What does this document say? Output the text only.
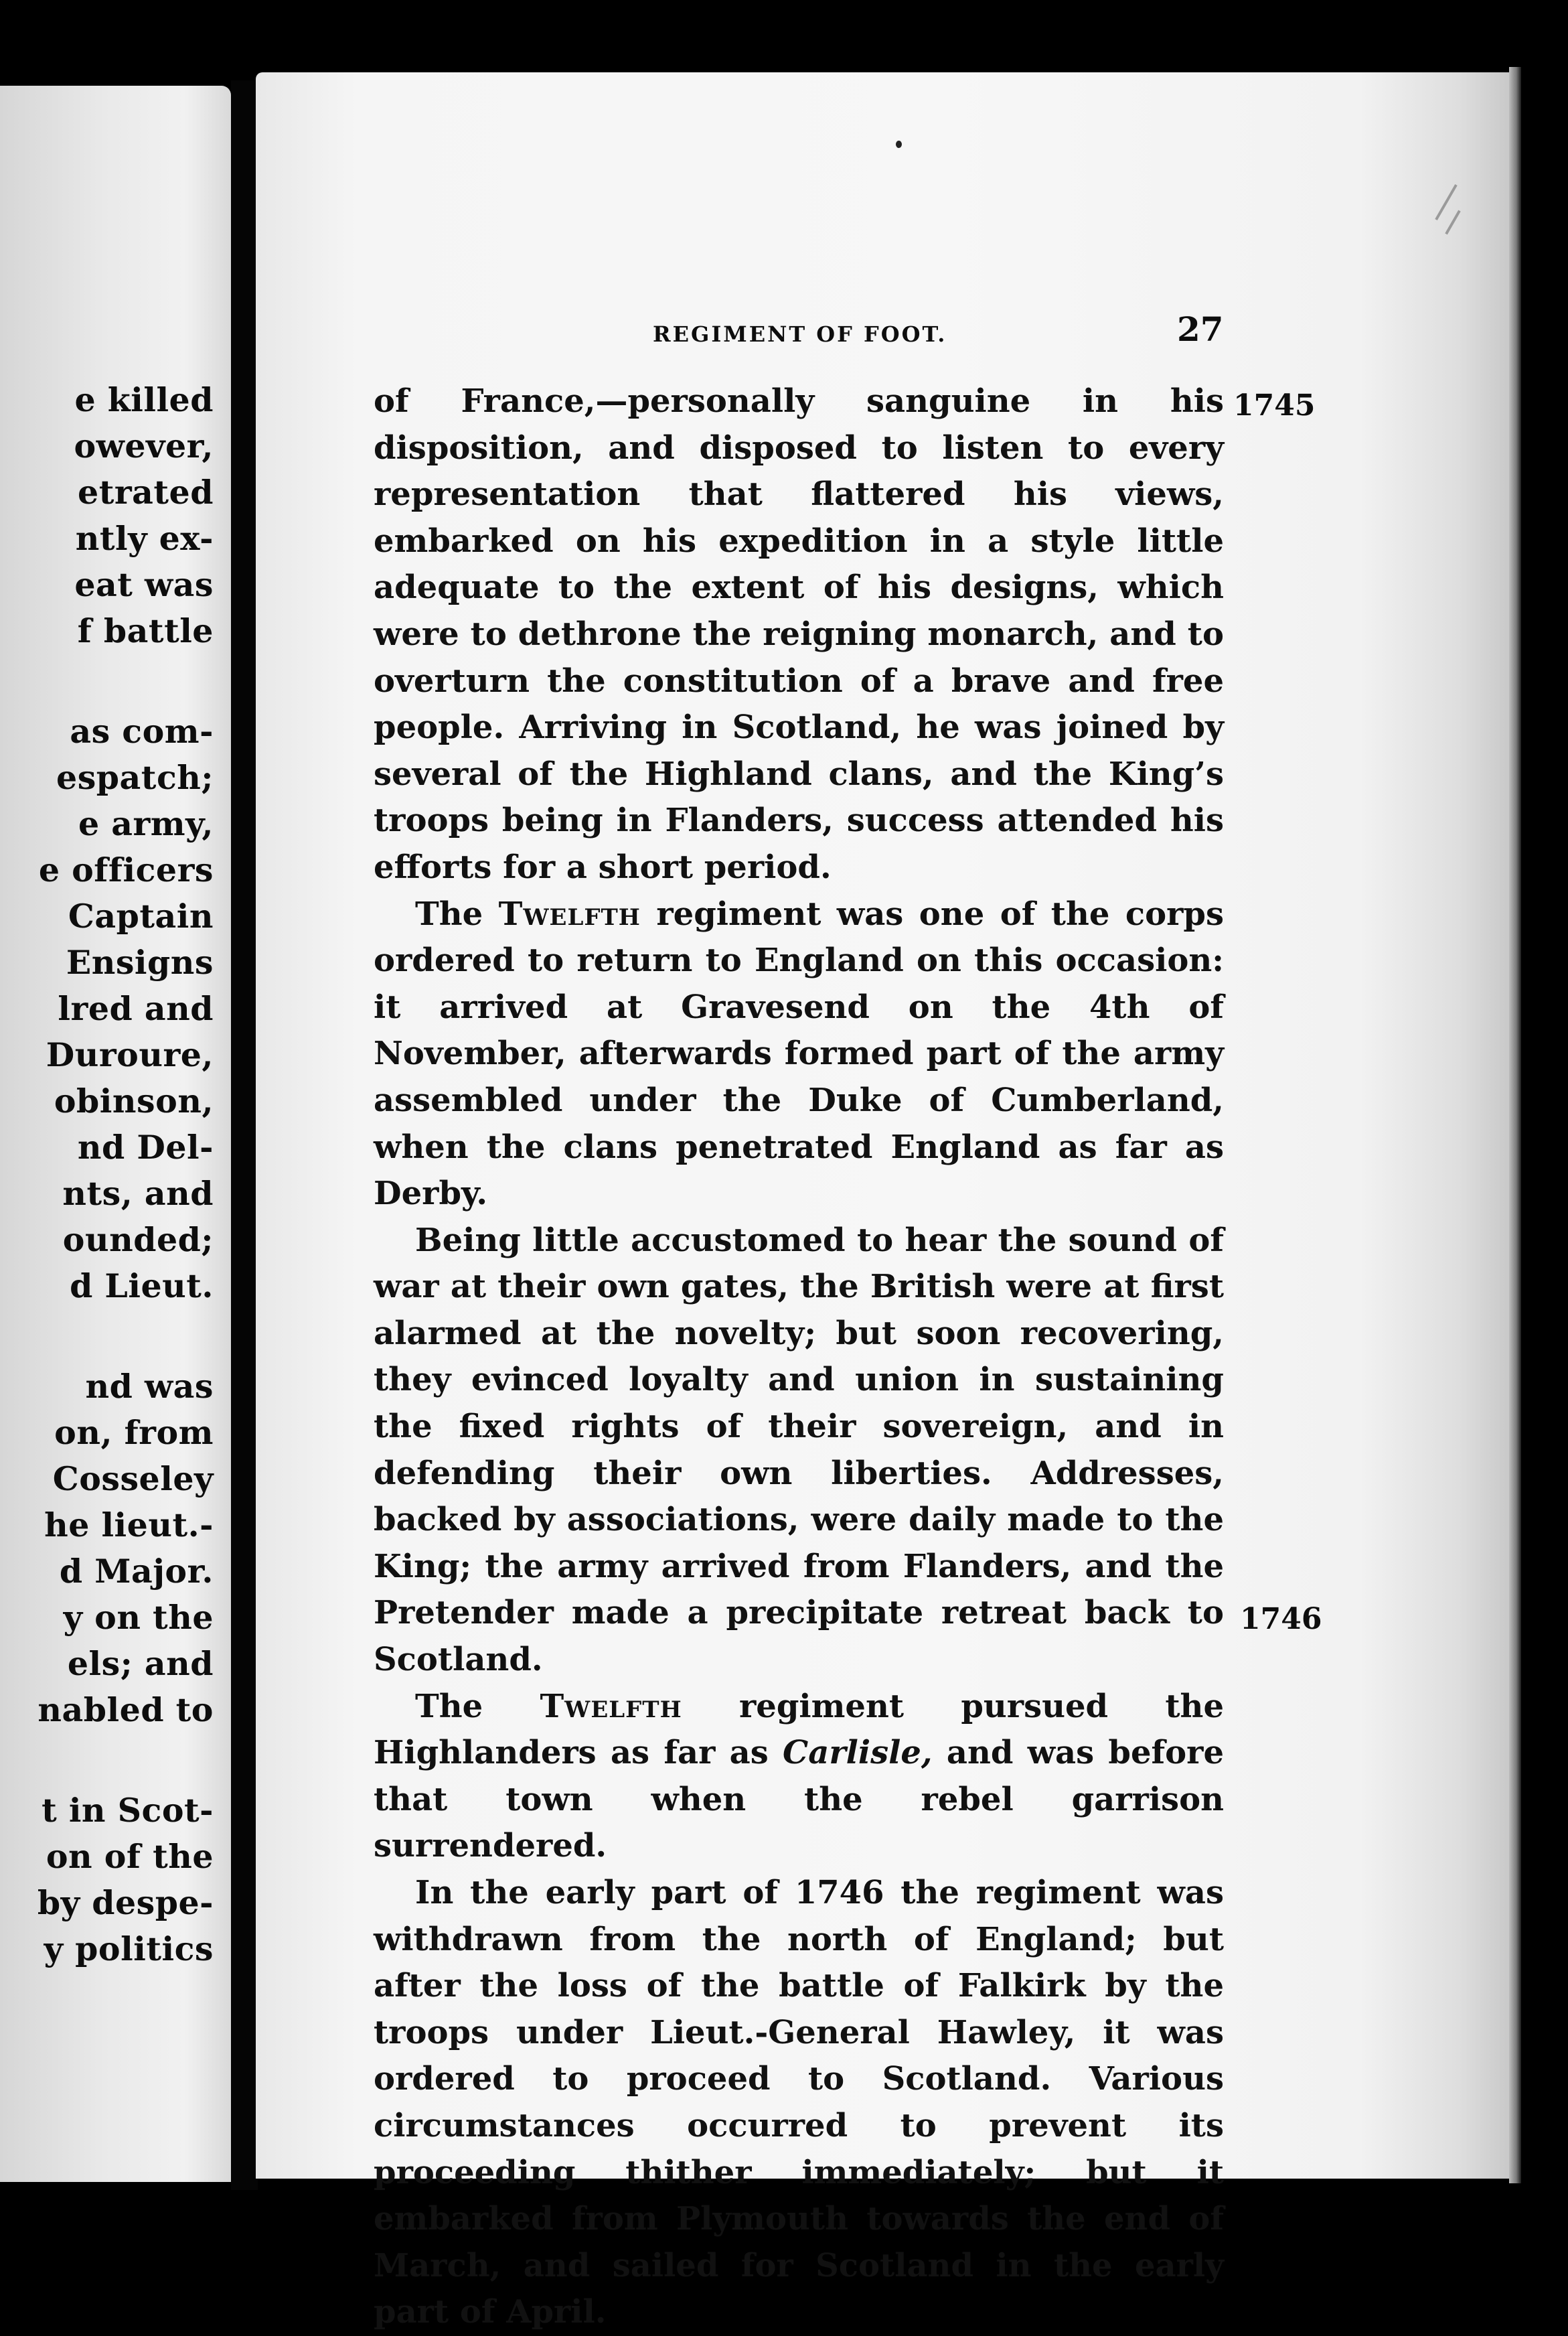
e killed
owever,
etrated
ntly ex-
eat was
f battle
as com-
espatch;
e army,
e officers
Captain
Ensigns
lred and
Duroure,
obinson,
nd Del-
nts, and
ounded;
d Lieut.
nd was
on, from
Cosseley
he lieut.-
d Major.
y on the
els; and
nabled to
t in Scot-
on of the
by despe-
y politics
REGIMENT OF FOOT.	27
1745
1746

of France,—personally sanguine in his disposition, and disposed to listen to every representation that flattered his views, embarked on his expedition in a style little adequate to the extent of his designs, which were to dethrone the reigning monarch, and to overturn the constitution of a brave and free people. Arriving in Scotland, he was joined by several of the Highland clans, and the King’s troops being in Flanders, success attended his efforts for a short period.

The Twelfth regiment was one of the corps ordered to return to England on this occasion: it arrived at Gravesend on the 4th of November, afterwards formed part of the army assembled under the Duke of Cumberland, when the clans penetrated England as far as Derby.

Being little accustomed to hear the sound of war at their own gates, the British were at first alarmed at the novelty; but soon recovering, they evinced loyalty and union in sustaining the fixed rights of their sovereign, and in defending their own liberties. Addresses, backed by associations, were daily made to the King; the army arrived from Flanders, and the Pretender made a precipitate retreat back to Scotland.

The Twelfth regiment pursued the Highlanders as far as Carlisle, and was before that town when the rebel garrison surrendered.

In the early part of 1746 the regiment was withdrawn from the north of England; but after the loss of the battle of Falkirk by the troops under Lieut.-General Hawley, it was ordered to proceed to Scotland. Various circumstances occurred to prevent its proceeding thither immediately; but it embarked from Plymouth towards the end of March, and sailed for Scotland in the early part of April.
